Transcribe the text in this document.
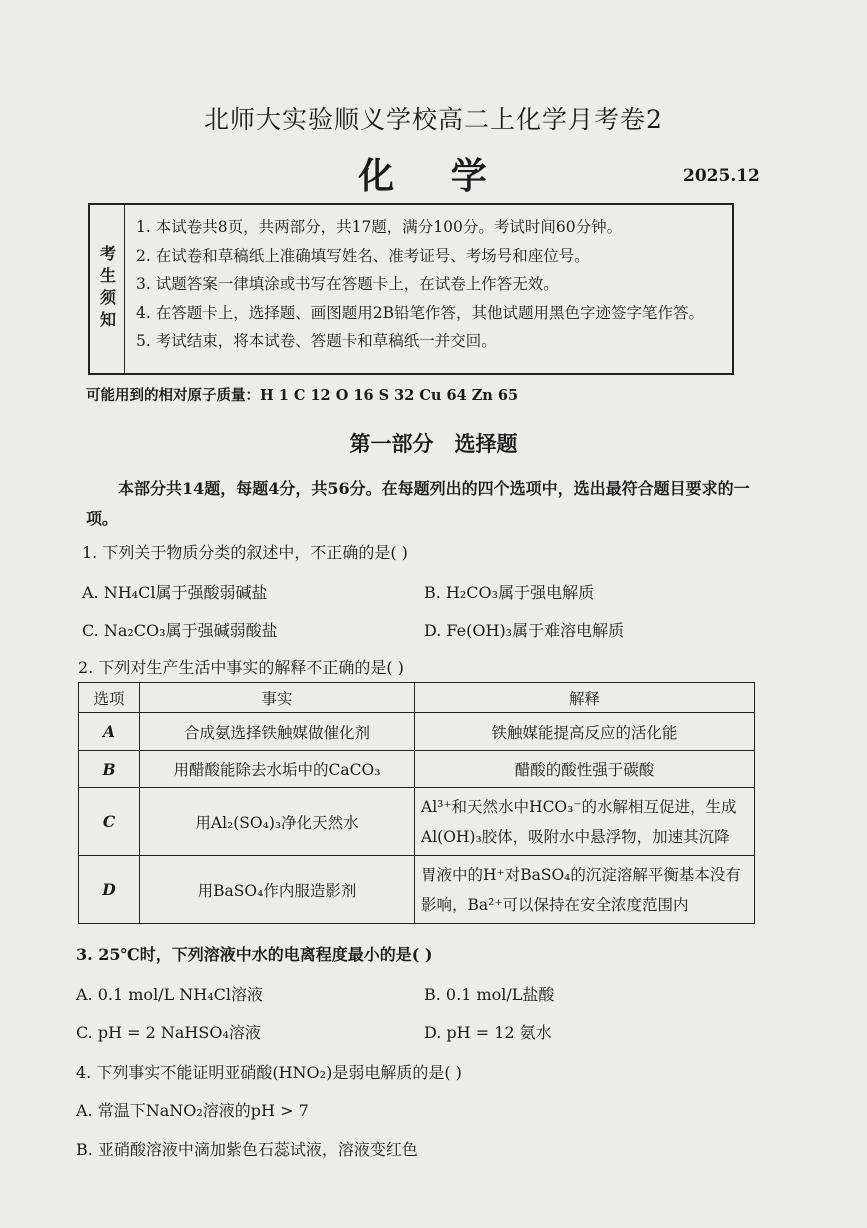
北师大实验顺义学校高二上化学月考卷2
化 学	2025.12
考生须知
1. 本试卷共8页，共两部分，共17题，满分100分。考试时间60分钟。
2. 在试卷和草稿纸上准确填写姓名、准考证号、考场号和座位号。
3. 试题答案一律填涂或书写在答题卡上，在试卷上作答无效。
4. 在答题卡上，选择题、画图题用2B铅笔作答，其他试题用黑色字迹签字笔作答。
5. 考试结束，将本试卷、答题卡和草稿纸一并交回。
可能用到的相对原子质量：H 1 C 12 O 16 S 32 Cu 64 Zn 65
第一部分　选择题
本部分共14题，每题4分，共56分。在每题列出的四个选项中，选出最符合题目要求的一项。
1. 下列关于物质分类的叙述中，不正确的是( )
A. NH₄Cl属于强酸弱碱盐	B. H₂CO₃属于强电解质
C. Na₂CO₃属于强碱弱酸盐	D. Fe(OH)₃属于难溶电解质
2. 下列对生产生活中事实的解释不正确的是( )
选项	事实	解释
A	合成氨选择铁触媒做催化剂	铁触媒能提高反应的活化能
B	用醋酸能除去水垢中的CaCO₃	醋酸的酸性强于碳酸
C	用Al₂(SO₄)₃净化天然水	Al³⁺和天然水中HCO₃⁻的水解相互促进，生成Al(OH)₃胶体，吸附水中悬浮物，加速其沉降
D	用BaSO₄作内服造影剂	胃液中的H⁺对BaSO₄的沉淀溶解平衡基本没有影响，Ba²⁺可以保持在安全浓度范围内
3. 25℃时，下列溶液中水的电离程度最小的是( )
A. 0.1 mol/L NH₄Cl溶液	B. 0.1 mol/L盐酸
C. pH = 2 NaHSO₄溶液	D. pH = 12 氨水
4. 下列事实不能证明亚硝酸(HNO₂)是弱电解质的是( )
A. 常温下NaNO₂溶液的pH > 7
B. 亚硝酸溶液中滴加紫色石蕊试液，溶液变红色
